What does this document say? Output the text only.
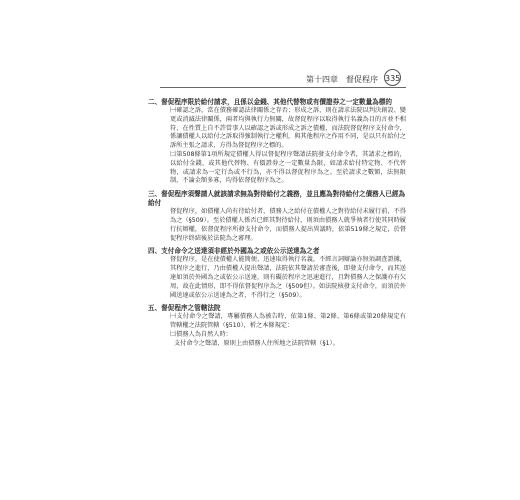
第十四章　督促程序 335
二、督促程序限於給付請求，且係以金錢、其他代替物或有價證券之一定數量為標的
㈠確認之訴，當在債務確認法律關係之存否；形成之訴，則在請求法院以判決創設、變更或消滅法律關係，兩者均與執行力無關，故督促程序以取得執行名義為目的言並不相符，在性質上自不許當事人以確認之訴或形成之訴之債權，而法院督促程序支付命令，係讓債權人以給付之訴取得強制執行之權利，與其他程序之作用不同，是以只有給付之訴所主張之請求，方得為督促程序之標的。
㈡第508條第1項所規定債權人得以督促程序聲請法院發支付命令者，其請求之標的，以給付金錢、或其他代替物、有價證券之一定數量為限，如請求給付特定物、不代替物，或請求為一定行為或不行為，亦不得以督促程序為之。至於請求之數額，法無限制，不論金額多寡，均得依督促程序為之。
三、督促程序須聲請人就該請求無為對待給付之義務，並且應為對待給付之債務人已經為給付
督促程序，如債權人尚有待給付者，債務人之給付在債權人之對待給付未履行前，不得為之（§509）。至於債權人係否已經其對待給付，則須由債務人就爭執者行使其同時履行抗辯權，依督促程序所發支付命令，而債務人提出異議時，依第519條之規定，於督促程序終結後於法院為之審理。
四、支付命令之送達須非經於外國為之或依公示送達為之者
督促程序，是在使債權人能簡便、迅速取得執行名義，不經言詞辯論亦無須調查證據，其程序之進行，乃由債權人提出聲請，法院依其聲請於審查後，即發支付命令，而其送達如須於外國為之或依公示送達，則有礙於程序之迅速進行，且對債務人之保護亦有欠周，故在此情形，即不得依督促程序為之（§509但）。如法院核發支付命令，而須於外國送達或依公示送達為之者，不得行之（§509）。
五、督促程序之管轄法院
㈠支付命令之聲請，專屬債務人為被告時，依第1條、第2條、第6條或第20條規定有管轄權之法院管轄（§510），析之本條規定：
㈡債務人為自然人時：
支付命令之聲請，原則上由債務人住所地之法院管轄（§1）。
